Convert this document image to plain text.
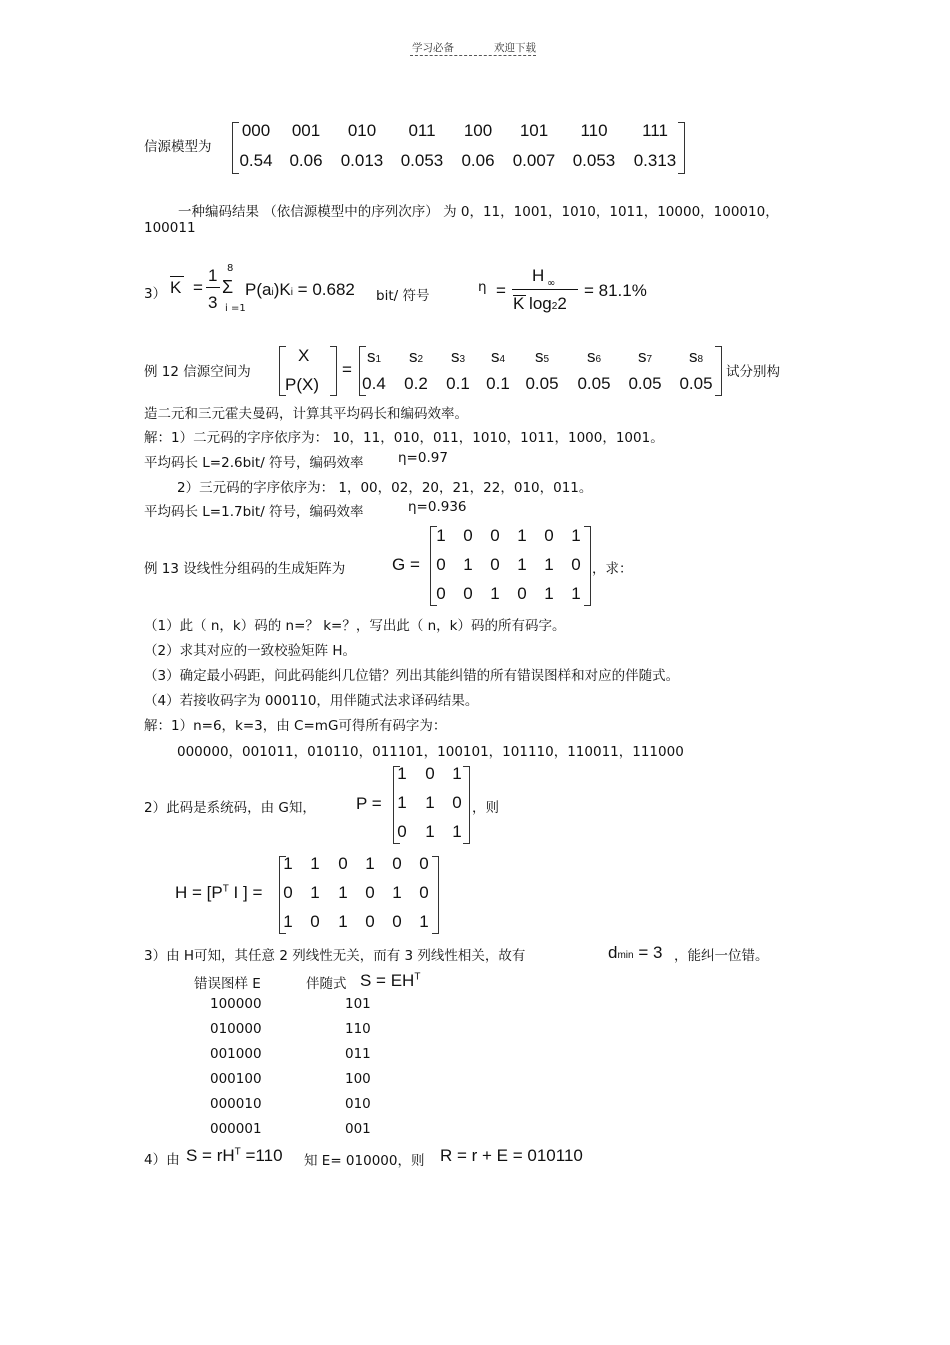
学习必备	欢迎下载
信源模型为
000	001	010	011	100	101	110	111
0.54 0.06	0.013	0.053	0.06	0.007	0.053	0.313
一种编码结果 （依信源模型中的序列次序） 为 0，11，1001，1010，1011，10000，100010，
100011
3） K =
1
3
8
Σ
i =1
P(ai)Ki = 0.682 bit/ 符号
η =
H ∞
K log22
= 81.1%
例 12 信源空间为
X
P(X)
=
s1	s2	s3	s4	s5	s6	s7	s8
0.4	0.2	0.1 0.1 0.05	0.05	0.05	0.05
试分别构
造二元和三元霍夫曼码，计算其平均码长和编码效率。
解：1）二元码的字序依序为： 10，11，010，011，1010，1011，1000，1001。
平均码长 L=2.6bit/ 符号，编码效率	η=0.97
2）三元码的字序依序为： 1，00，02，20，21，22，010，011。
平均码长 L=1.7bit/ 符号，编码效率	η=0.936
例 13 设线性分组码的生成矩阵为	G =
1	0	0	1	0	1
0	1	0	1	1	0
0	0	1	0	1	1
，求：
（1）此（ n，k）码的 n=？ k=？，写出此（ n，k）码的所有码字。
（2）求其对应的一致校验矩阵 H。
（3）确定最小码距，问此码能纠几位错？列出其能纠错的所有错误图样和对应的伴随式。
（4）若接收码字为 000110，用伴随式法求译码结果。
解：1）n=6，k=3，由 C=mG可得所有码字为：
000000，001011，010110，011101，100101，101110，110011，111000
2）此码是系统码，由 G知， P =
1	0	1
1	1	0
0	1	1
，则
$H = [P^T$ I ] =
1	1	0	1	0	0
0	1	1	0	1	0
1	0	1	0	0	1
3）由 H可知，其任意 2 列线性无关，而有 3 列线性相关，故有	dmin = 3 ，能纠一位错。
错误图样 E	伴随式 $S = EH^T$
100000	101
010000	110
001000	011
000100	100
000010	010
000001	001
4）由 $S = rH^T =110$ 知 E= 010000，则 R = r + E = 010110
